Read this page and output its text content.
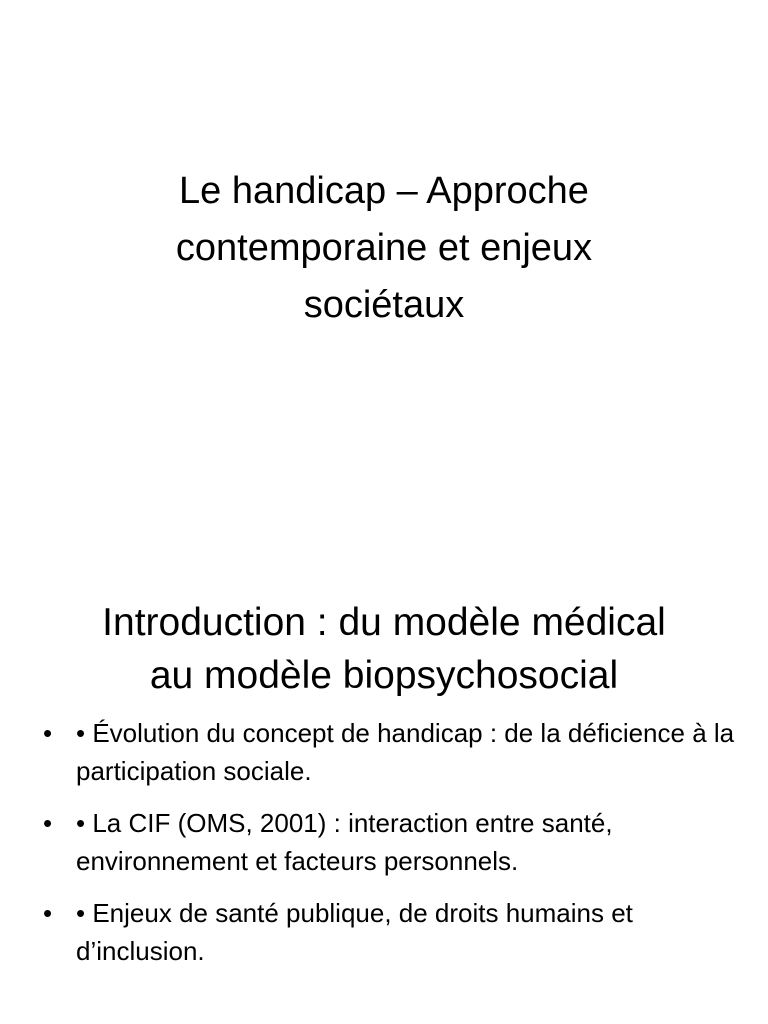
Le handicap – Approche
contemporaine et enjeux
sociétaux
Introduction : du modèle médical
au modèle biopsychosocial
• • Évolution du concept de handicap : de la déficience à la participation sociale.
• • La CIF (OMS, 2001) : interaction entre santé, environnement et facteurs personnels.
• • Enjeux de santé publique, de droits humains et d’inclusion.
